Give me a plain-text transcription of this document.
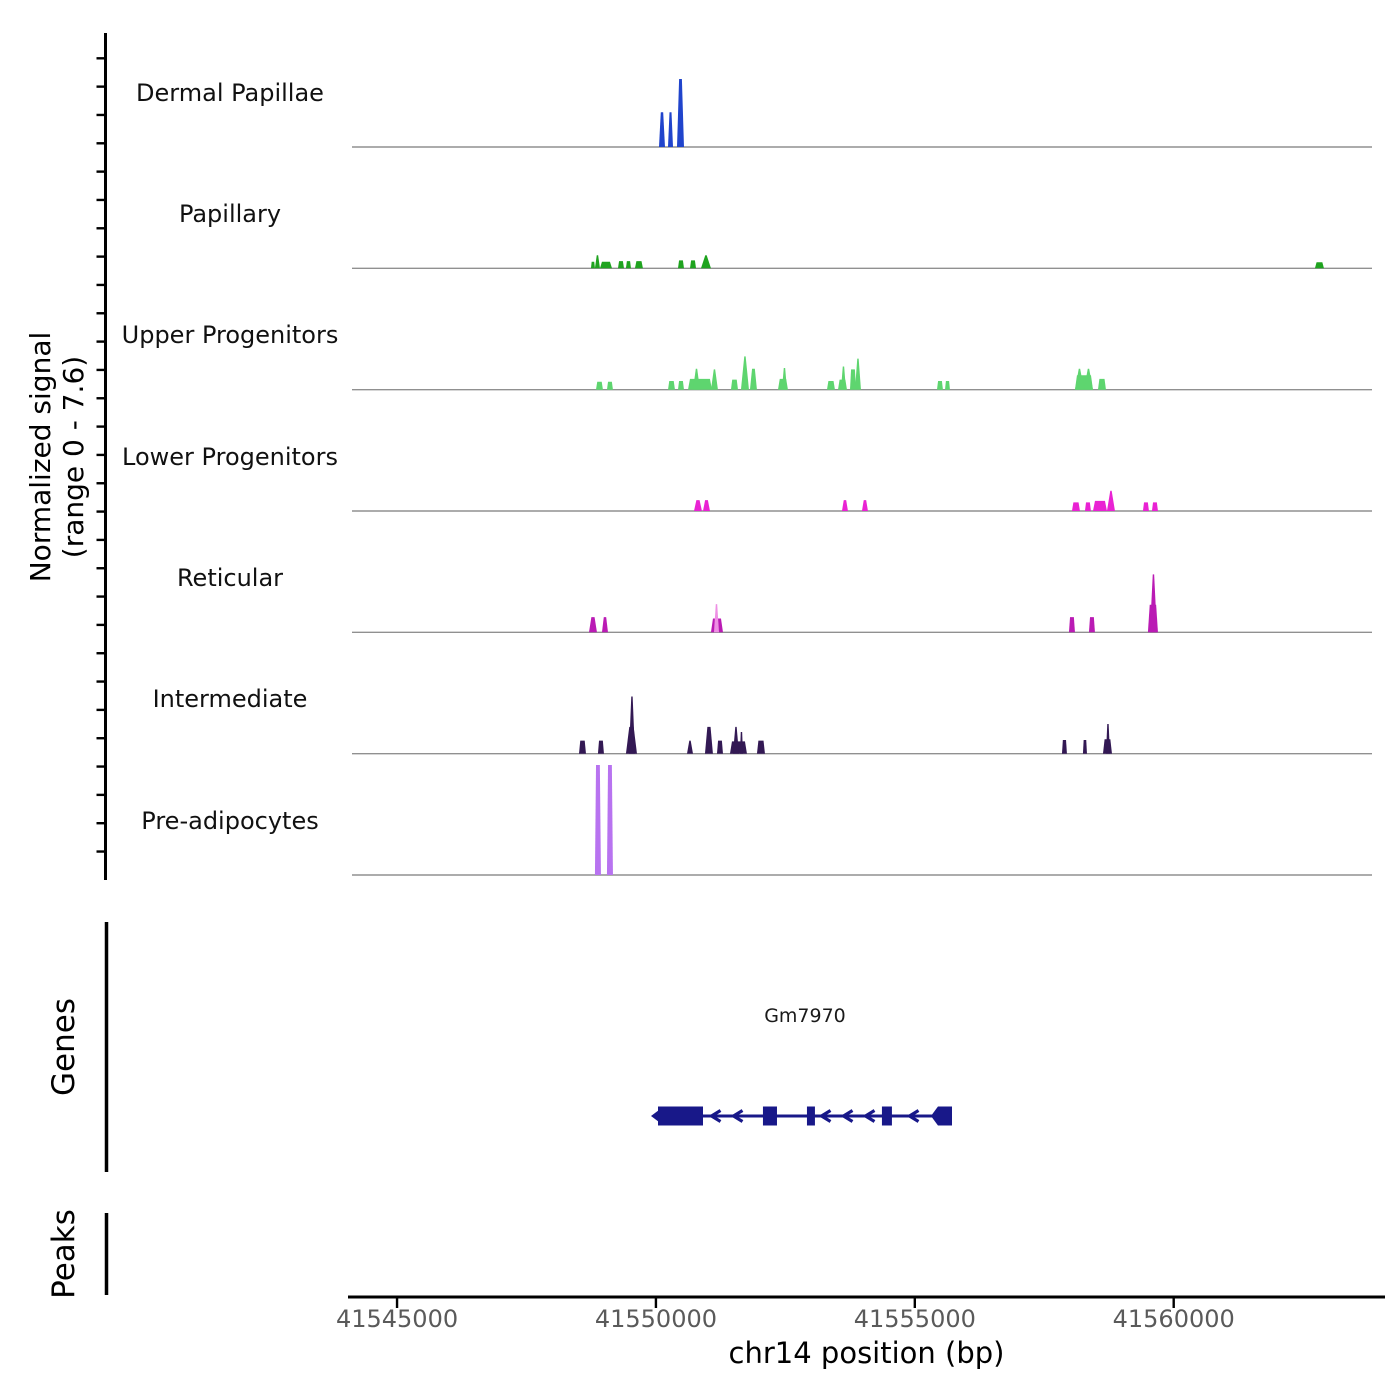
Normalized signal (range 0 - 7.6)
Dermal Papillae
Papillary
Upper Progenitors
Lower Progenitors
Reticular
Intermediate
Pre-adipocytes
Genes
Peaks
Gm7970
41545000	41550000	41555000	41560000
chr14 position (bp)
